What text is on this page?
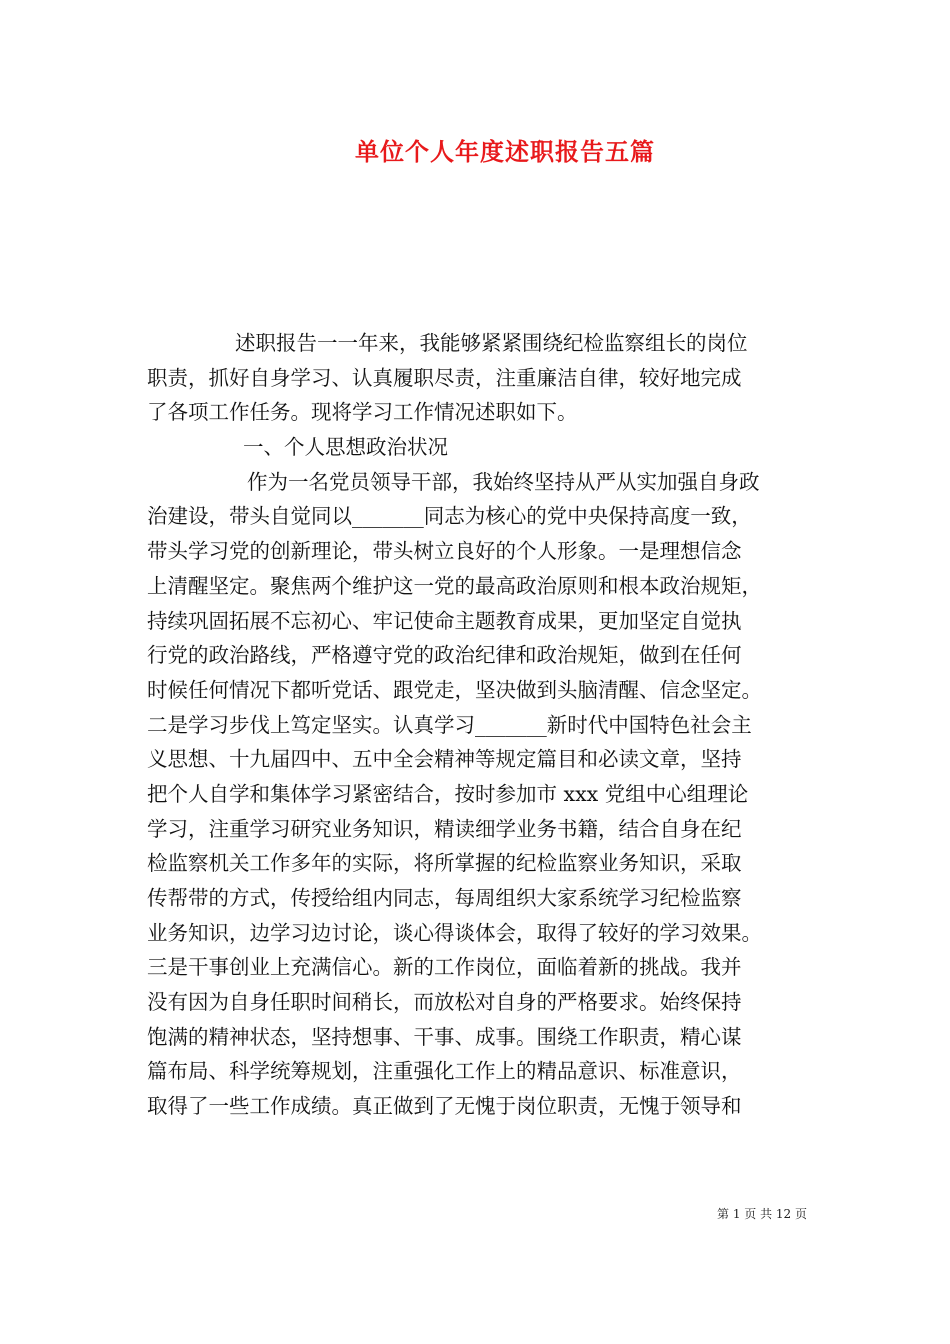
单位个人年度述职报告五篇
述职报告一一年来，我能够紧紧围绕纪检监察组长的岗位
职责，抓好自身学习、认真履职尽责，注重廉洁自律，较好地完成
了各项工作任务。现将学习工作情况述职如下。
一、个人思想政治状况
作为一名党员领导干部，我始终坚持从严从实加强自身政
治建设，带头自觉同以_______同志为核心的党中央保持高度一致，
带头学习党的创新理论，带头树立良好的个人形象。一是理想信念
上清醒坚定。聚焦两个维护这一党的最高政治原则和根本政治规矩，
持续巩固拓展不忘初心、牢记使命主题教育成果，更加坚定自觉执
行党的政治路线，严格遵守党的政治纪律和政治规矩，做到在任何
时候任何情况下都听党话、跟党走，坚决做到头脑清醒、信念坚定。
二是学习步伐上笃定坚实。认真学习_______新时代中国特色社会主
义思想、十九届四中、五中全会精神等规定篇目和必读文章，坚持
把个人自学和集体学习紧密结合，按时参加市 xxx 党组中心组理论
学习，注重学习研究业务知识，精读细学业务书籍，结合自身在纪
检监察机关工作多年的实际，将所掌握的纪检监察业务知识，采取
传帮带的方式，传授给组内同志，每周组织大家系统学习纪检监察
业务知识，边学习边讨论，谈心得谈体会，取得了较好的学习效果。
三是干事创业上充满信心。新的工作岗位，面临着新的挑战。我并
没有因为自身任职时间稍长，而放松对自身的严格要求。始终保持
饱满的精神状态，坚持想事、干事、成事。围绕工作职责，精心谋
篇布局、科学统筹规划，注重强化工作上的精品意识、标准意识，
取得了一些工作成绩。真正做到了无愧于岗位职责，无愧于领导和
第 1 页 共 12 页
